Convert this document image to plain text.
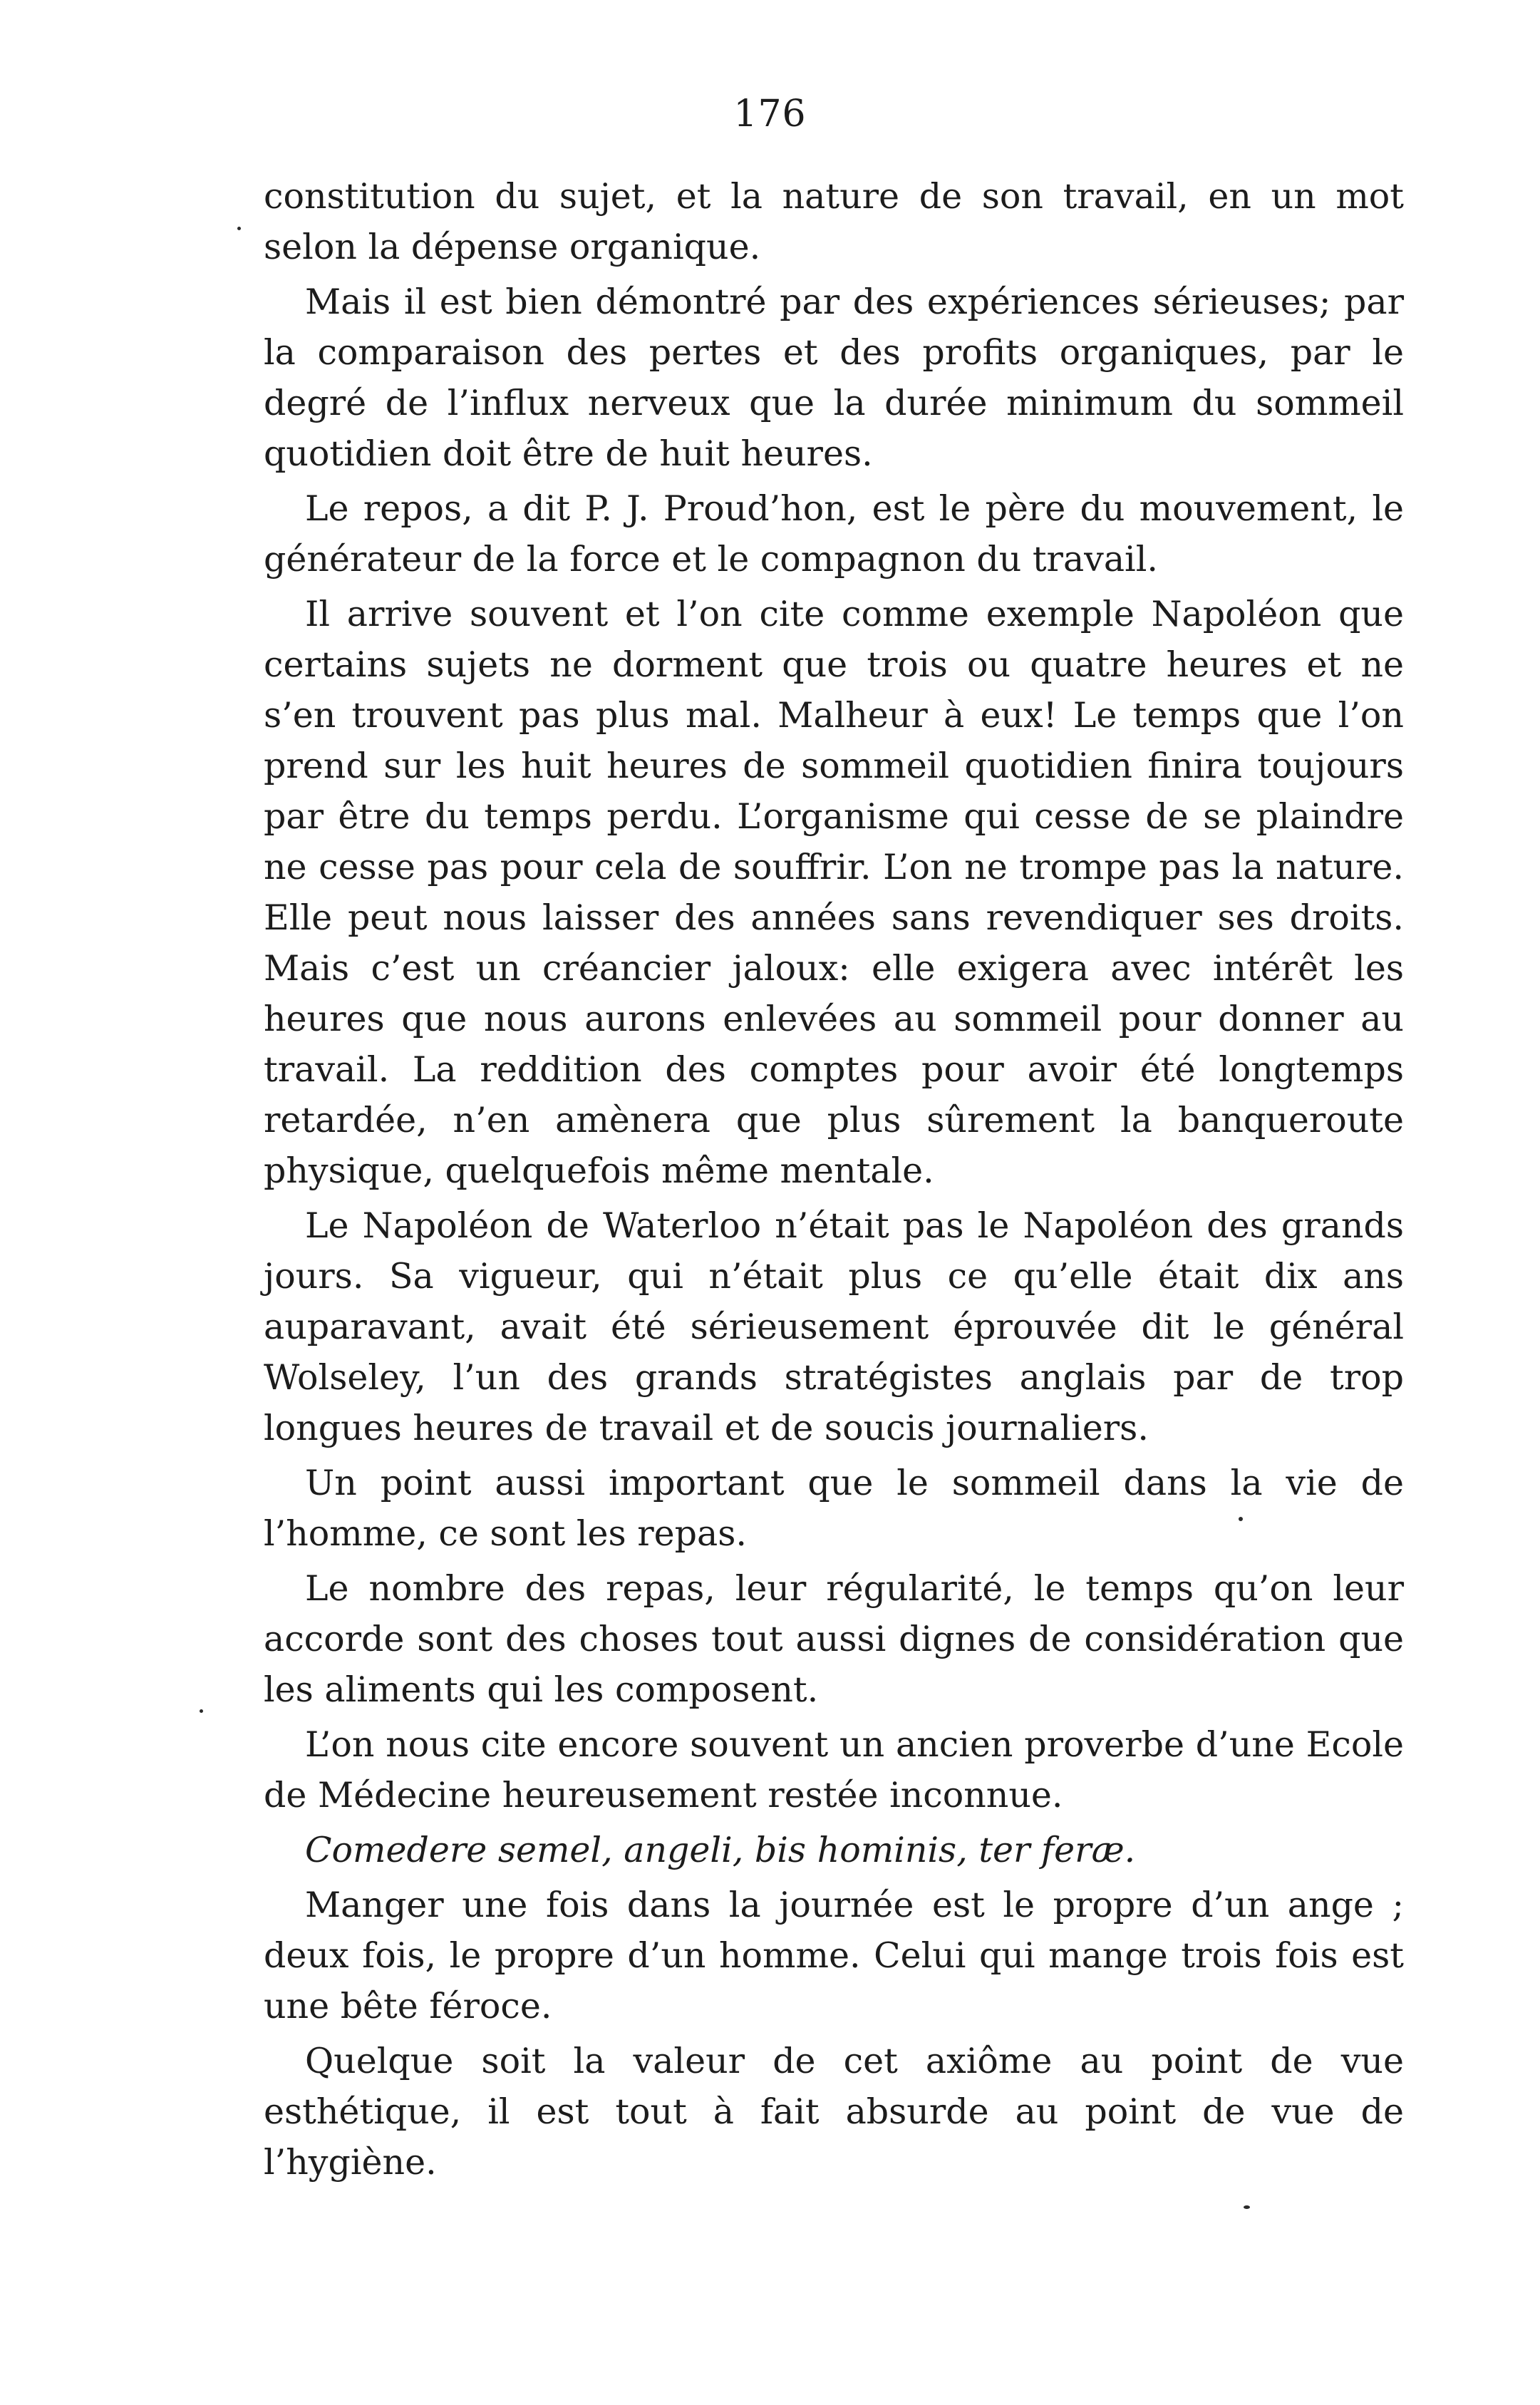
176

constitution du sujet, et la nature de son travail, en un mot selon la dépense organique.

Mais il est bien démontré par des expériences sérieuses; par la comparaison des pertes et des profits organiques, par le degré de l’influx nerveux que la durée minimum du sommeil quotidien doit être de huit heures.

Le repos, a dit P. J. Proud’hon, est le père du mouvement, le générateur de la force et le compagnon du travail.

Il arrive souvent et l’on cite comme exemple Napoléon que certains sujets ne dorment que trois ou quatre heures et ne s’en trouvent pas plus mal. Malheur à eux! Le temps que l’on prend sur les huit heures de sommeil quotidien finira toujours par être du temps perdu. L’organisme qui cesse de se plaindre ne cesse pas pour cela de souffrir. L’on ne trompe pas la nature. Elle peut nous laisser des années sans revendiquer ses droits. Mais c’est un créancier jaloux: elle exigera avec intérêt les heures que nous aurons enlevées au sommeil pour donner au travail. La reddition des comptes pour avoir été longtemps retardée, n’en amènera que plus sûrement la banqueroute physique, quelquefois même mentale.

Le Napoléon de Waterloo n’était pas le Napoléon des grands jours. Sa vigueur, qui n’était plus ce qu’elle était dix ans auparavant, avait été sérieusement éprouvée dit le général Wolseley, l’un des grands stratégistes anglais par de trop longues heures de travail et de soucis journaliers.

Un point aussi important que le sommeil dans la vie de l’homme, ce sont les repas.

Le nombre des repas, leur régularité, le temps qu’on leur accorde sont des choses tout aussi dignes de considération que les aliments qui les composent.

L’on nous cite encore souvent un ancien proverbe d’une Ecole de Médecine heureusement restée inconnue.

Comedere semel, angeli, bis hominis, ter feræ.

Manger une fois dans la journée est le propre d’un ange ; deux fois, le propre d’un homme. Celui qui mange trois fois est une bête féroce.

Quelque soit la valeur de cet axiôme au point de vue esthétique, il est tout à fait absurde au point de vue de l’hygiène.
